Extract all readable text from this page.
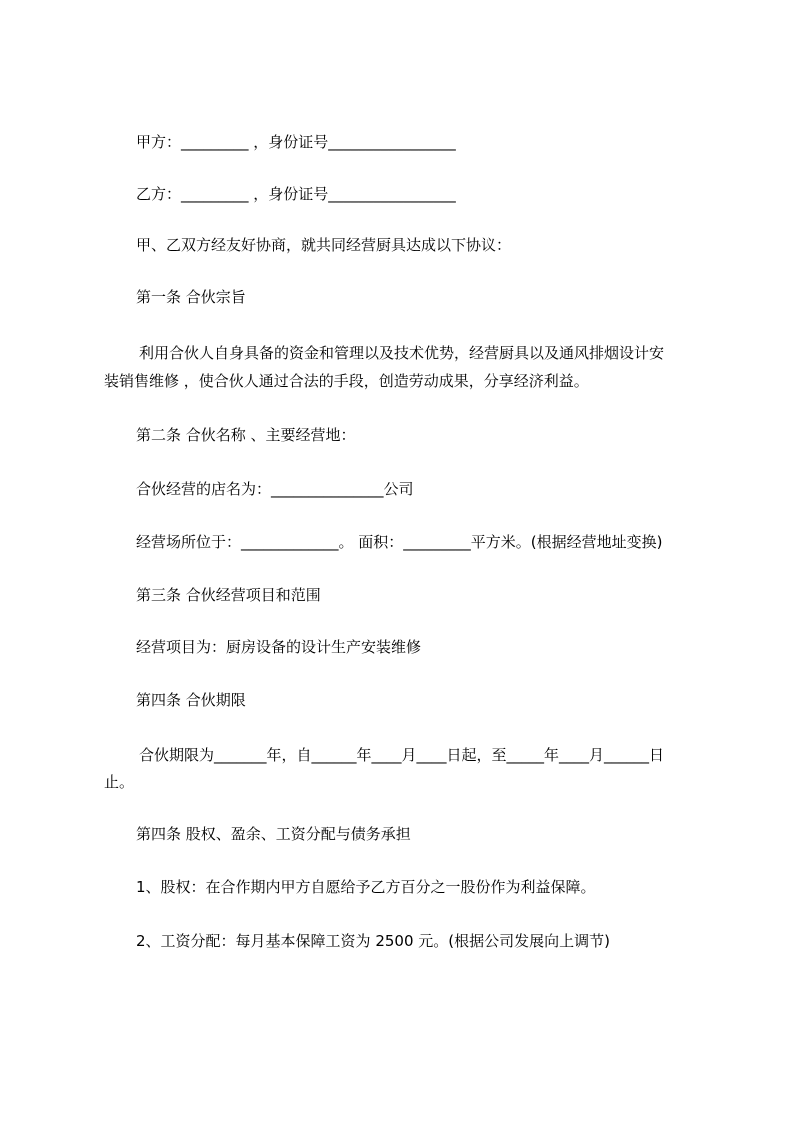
甲方：_________ ，身份证号_________________

乙方：_________ ，身份证号_________________

甲、乙双方经友好协商，就共同经营厨具达成以下协议：

第一条 合伙宗旨

利用合伙人自身具备的资金和管理以及技术优势，经营厨具以及通风排烟设计安

装销售维修 ，使合伙人通过合法的手段，创造劳动成果，分享经济利益。

第二条 合伙名称 、主要经营地：

合伙经营的店名为：_______________公司

经营场所位于：_____________。 面积：_________平方米。(根据经营地址变换)

第三条 合伙经营项目和范围

经营项目为：厨房设备的设计生产安装维修

第四条 合伙期限

合伙期限为_______年，自______年____月____日起，至_____年____月______日

止。

第四条 股权、盈余、工资分配与债务承担

1、股权：在合作期内甲方自愿给予乙方百分之一股份作为利益保障。

2、工资分配：每月基本保障工资为 2500 元。(根据公司发展向上调节)
